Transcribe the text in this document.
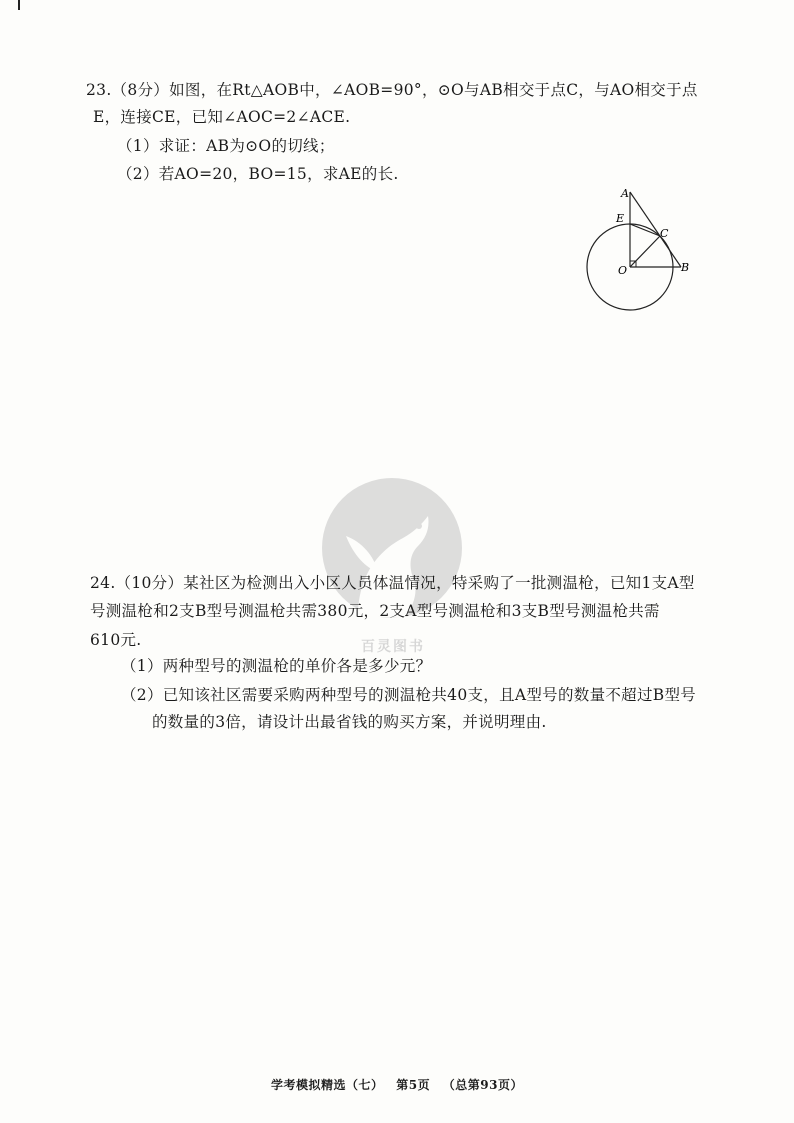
23.（8分）如图，在Rt△AOB中，∠AOB=90°，⊙O与AB相交于点C，与AO相交于点
E，连接CE，已知∠AOC=2∠ACE.
（1）求证：AB为⊙O的切线；
（2）若AO=20，BO=15，求AE的长.
A
E
C
O	B
百灵图书
24.（10分）某社区为检测出入小区人员体温情况，特采购了一批测温枪，已知1支A型
号测温枪和2支B型号测温枪共需380元，2支A型号测温枪和3支B型号测温枪共需
610元.
（1）两种型号的测温枪的单价各是多少元？
（2）已知该社区需要采购两种型号的测温枪共40支，且A型号的数量不超过B型号
的数量的3倍，请设计出最省钱的购买方案，并说明理由.
学考模拟精选（七） 第5页 （总第93页）
